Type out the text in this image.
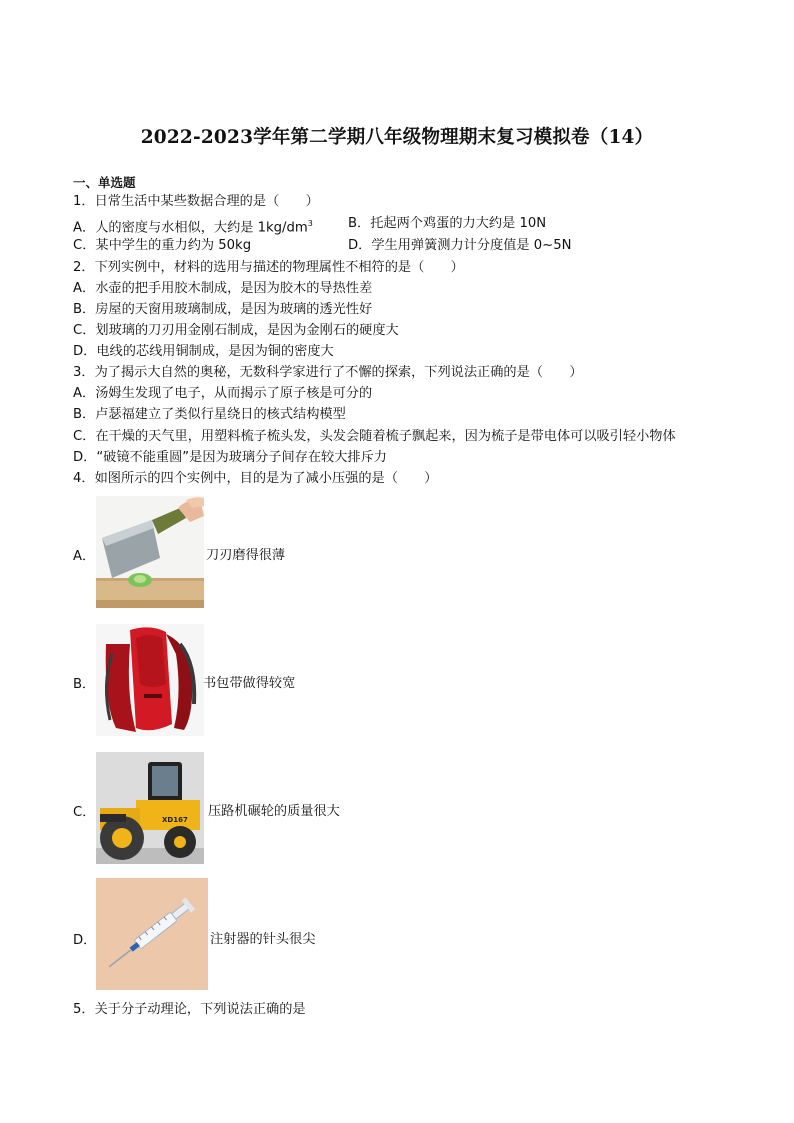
2022-2023学年第二学期八年级物理期末复习模拟卷（14）
一、单选题
1．日常生活中某些数据合理的是（　　）
A．人的密度与水相似，大约是 $1kg/dm^3$	B．托起两个鸡蛋的力大约是 10N
C．某中学生的重力约为 50kg	D．学生用弹簧测力计分度值是 0~5N
2．下列实例中，材料的选用与描述的物理属性不相符的是（　　）
A．水壶的把手用胶木制成，是因为胶木的导热性差
B．房屋的天窗用玻璃制成，是因为玻璃的透光性好
C．划玻璃的刀刃用金刚石制成，是因为金刚石的硬度大
D．电线的芯线用铜制成，是因为铜的密度大
3．为了揭示大自然的奥秘，无数科学家进行了不懈的探索，下列说法正确的是（　　）
A．汤姆生发现了电子，从而揭示了原子核是可分的
B．卢瑟福建立了类似行星绕日的核式结构模型
C．在干燥的天气里，用塑料梳子梳头发，头发会随着梳子飘起来，因为梳子是带电体可以吸引轻小物体
D．“破镜不能重圆”是因为玻璃分子间存在较大排斥力
4．如图所示的四个实例中，目的是为了减小压强的是（　　）
A．	刀刃磨得很薄
B．	书包带做得较宽
C．	XD167
压路机碾轮的质量很大
D．	注射器的针头很尖
5．关于分子动理论，下列说法正确的是
